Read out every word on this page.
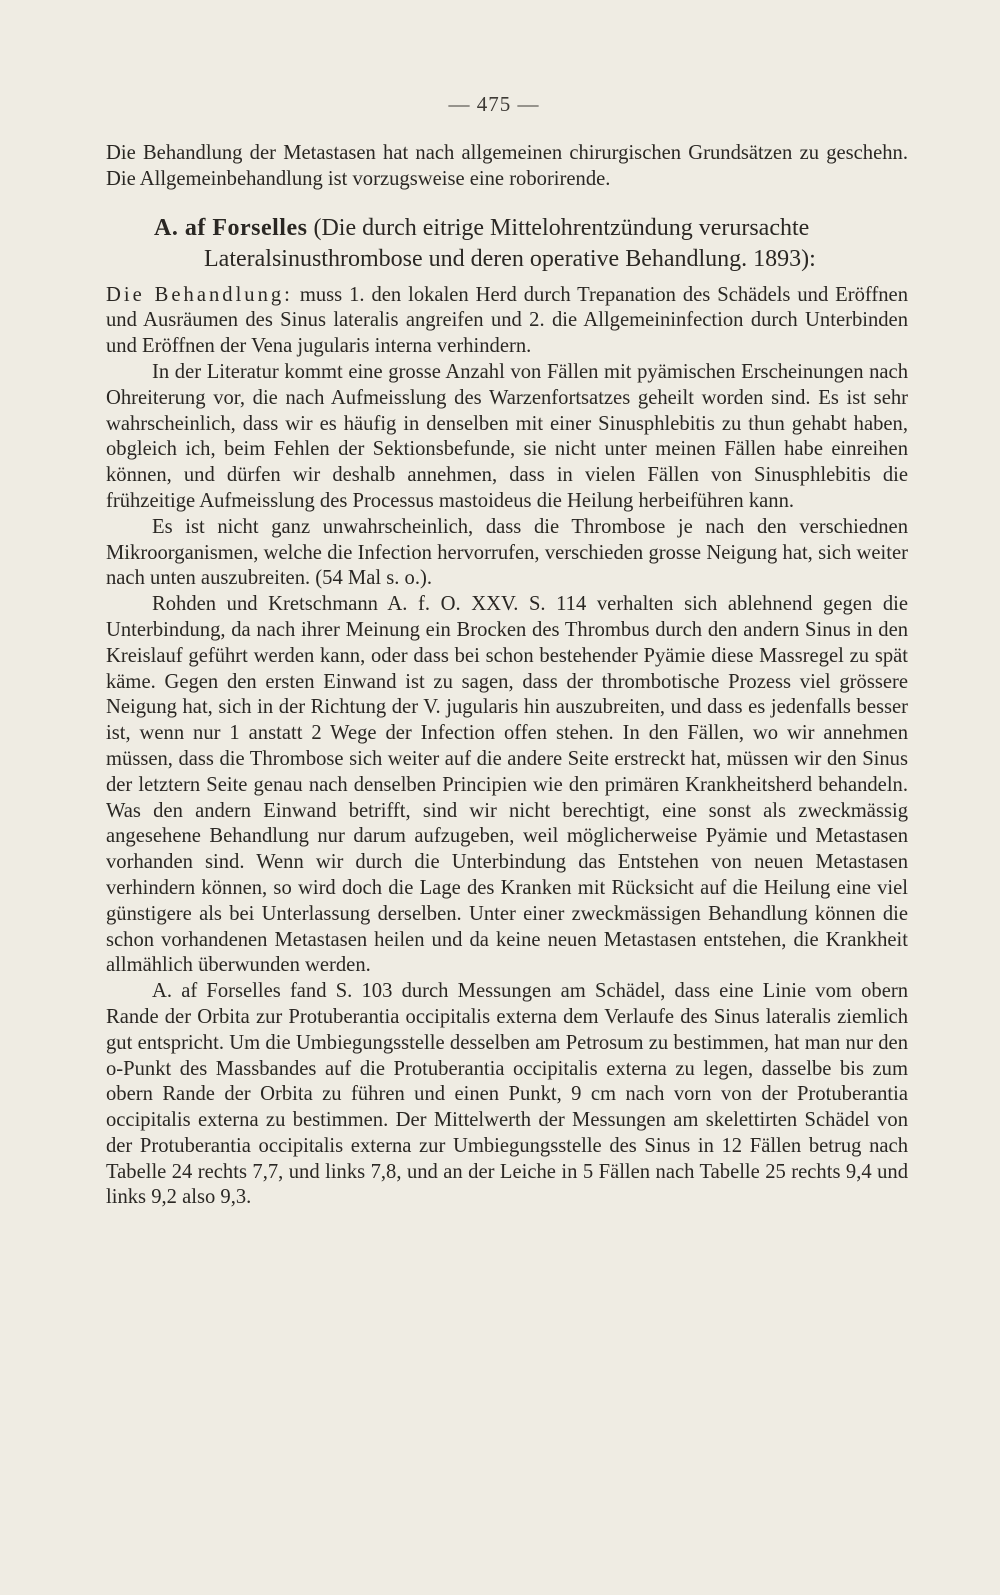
— 475 —

Die Behandlung der Metastasen hat nach allgemeinen chirurgischen Grundsätzen zu geschehn. Die Allgemeinbehandlung ist vorzugsweise eine roborirende.

A. af Forselles (Die durch eitrige Mittelohrentzündung verursachte
Lateralsinusthrombose und deren operative Behandlung. 1893):

Die Behandlung: muss 1. den lokalen Herd durch Trepanation des Schädels und Eröffnen und Ausräumen des Sinus lateralis angreifen und 2. die Allgemeininfection durch Unterbinden und Eröffnen der Vena jugularis interna verhindern.

In der Literatur kommt eine grosse Anzahl von Fällen mit pyämischen Erscheinungen nach Ohreiterung vor, die nach Aufmeisslung des Warzenfortsatzes geheilt worden sind. Es ist sehr wahrscheinlich, dass wir es häufig in denselben mit einer Sinusphlebitis zu thun gehabt haben, obgleich ich, beim Fehlen der Sektionsbefunde, sie nicht unter meinen Fällen habe einreihen können, und dürfen wir deshalb annehmen, dass in vielen Fällen von Sinusphlebitis die frühzeitige Aufmeisslung des Processus mastoideus die Heilung herbeiführen kann.

Es ist nicht ganz unwahrscheinlich, dass die Thrombose je nach den verschiednen Mikroorganismen, welche die Infection hervorrufen, verschieden grosse Neigung hat, sich weiter nach unten auszubreiten. (54 Mal s. o.).

Rohden und Kretschmann A. f. O. XXV. S. 114 verhalten sich ablehnend gegen die Unterbindung, da nach ihrer Meinung ein Brocken des Thrombus durch den andern Sinus in den Kreislauf geführt werden kann, oder dass bei schon bestehender Pyämie diese Massregel zu spät käme. Gegen den ersten Einwand ist zu sagen, dass der thrombotische Prozess viel grössere Neigung hat, sich in der Richtung der V. jugularis hin auszubreiten, und dass es jedenfalls besser ist, wenn nur 1 anstatt 2 Wege der Infection offen stehen. In den Fällen, wo wir annehmen müssen, dass die Thrombose sich weiter auf die andere Seite erstreckt hat, müssen wir den Sinus der letztern Seite genau nach denselben Principien wie den primären Krankheitsherd behandeln. Was den andern Einwand betrifft, sind wir nicht berechtigt, eine sonst als zweckmässig angesehene Behandlung nur darum aufzugeben, weil möglicherweise Pyämie und Metastasen vorhanden sind. Wenn wir durch die Unterbindung das Entstehen von neuen Metastasen verhindern können, so wird doch die Lage des Kranken mit Rücksicht auf die Heilung eine viel günstigere als bei Unterlassung derselben. Unter einer zweckmässigen Behandlung können die schon vorhandenen Metastasen heilen und da keine neuen Metastasen entstehen, die Krankheit allmählich überwunden werden.

A. af Forselles fand S. 103 durch Messungen am Schädel, dass eine Linie vom obern Rande der Orbita zur Protuberantia occipitalis externa dem Verlaufe des Sinus lateralis ziemlich gut entspricht. Um die Umbiegungsstelle desselben am Petrosum zu bestimmen, hat man nur den o-Punkt des Massbandes auf die Protuberantia occipitalis externa zu legen, dasselbe bis zum obern Rande der Orbita zu führen und einen Punkt, 9 cm nach vorn von der Protuberantia occipitalis externa zu bestimmen. Der Mittelwerth der Messungen am skelettirten Schädel von der Protuberantia occipitalis externa zur Umbiegungsstelle des Sinus in 12 Fällen betrug nach Tabelle 24 rechts 7,7, und links 7,8, und an der Leiche in 5 Fällen nach Tabelle 25 rechts 9,4 und links 9,2 also 9,3.
